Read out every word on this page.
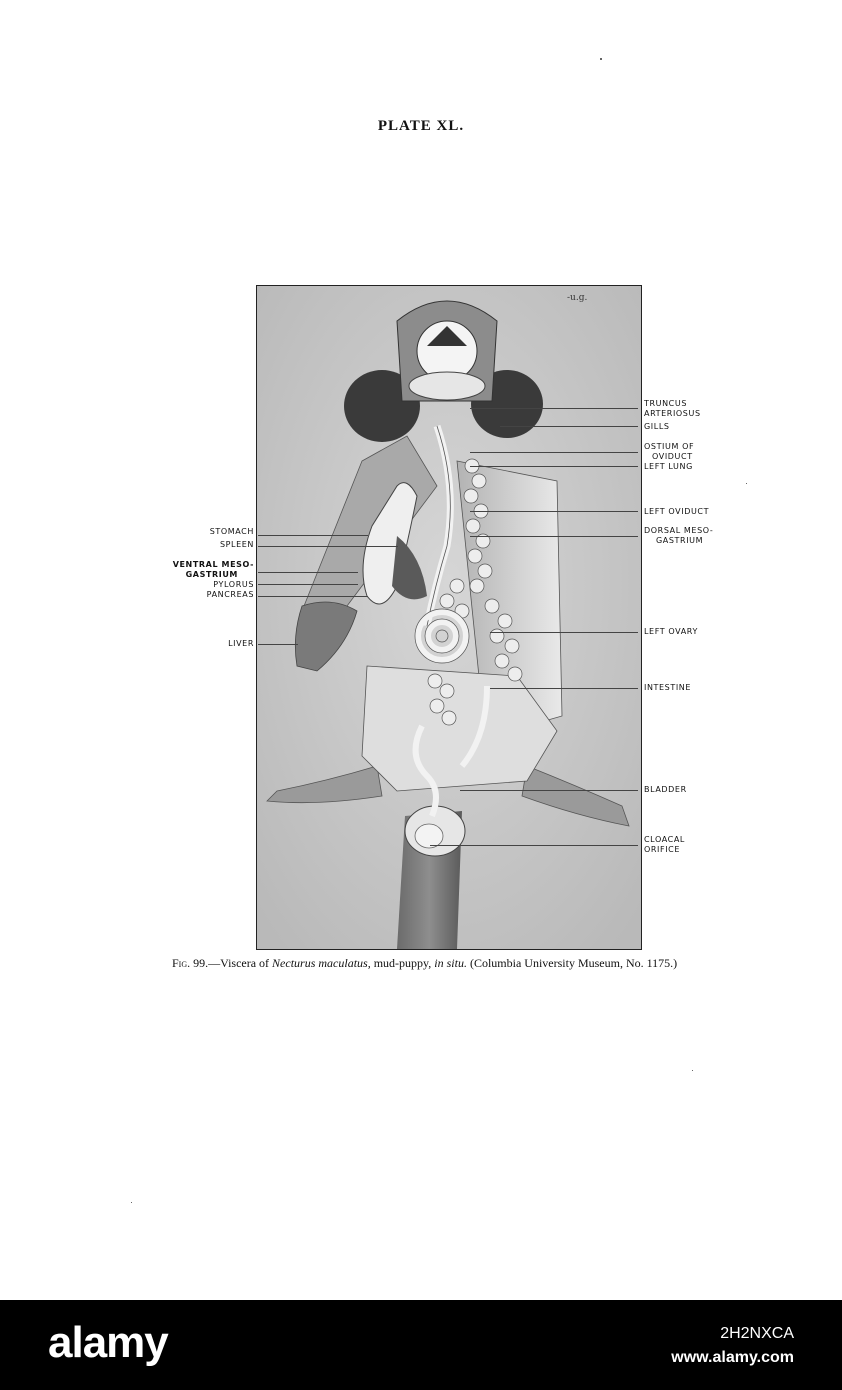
PLATE XL.
-u.g.
TRUNCUS
ARTERIOSUS
GILLS
OSTIUM OF
OVIDUCT
LEFT LUNG
LEFT OVIDUCT
DORSAL MESO-
GASTRIUM
LEFT OVARY
INTESTINE
BLADDER
CLOACAL
ORIFICE
STOMACH
SPLEEN
VENTRAL MESO-
GASTRIUM
PYLORUS
PANCREAS
LIVER
Fig. 99.—Viscera of Necturus maculatus, mud-puppy, in situ. (Columbia University Museum, No. 1175.)
alamy	2H2NXCA
www.alamy.com
